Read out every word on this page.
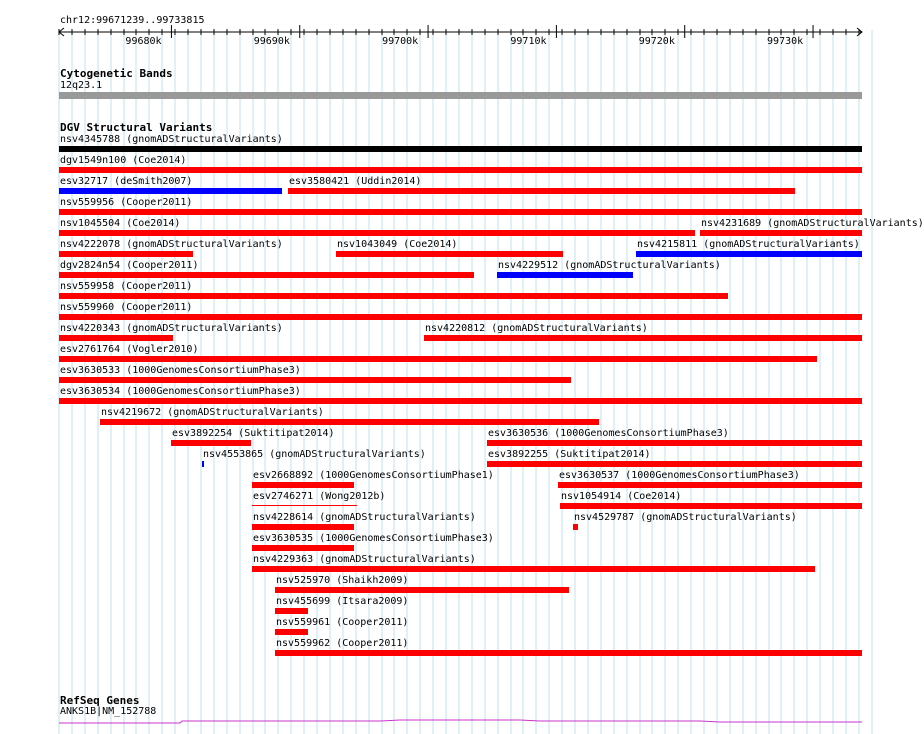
chr12:99671239..99733815
99680k	99690k	99700k	99710k	99720k	99730k
Cytogenetic Bands
12q23.1
DGV Structural Variants
nsv4345788 (gnomADStructuralVariants)
dgv1549n100 (Coe2014)
esv32717 (deSmith2007)	esv3580421 (Uddin2014)
nsv559956 (Cooper2011)
nsv1045504 (Coe2014)	nsv4231689 (gnomADStructuralVariants)
nsv4222078 (gnomADStructuralVariants)	nsv1043049 (Coe2014)	nsv4215811 (gnomADStructuralVariants)
dgv2824n54 (Cooper2011)	nsv4229512 (gnomADStructuralVariants)
nsv559958 (Cooper2011)
nsv559960 (Cooper2011)
nsv4220343 (gnomADStructuralVariants)	nsv4220812 (gnomADStructuralVariants)
esv2761764 (Vogler2010)
esv3630533 (1000GenomesConsortiumPhase3)
esv3630534 (1000GenomesConsortiumPhase3)
nsv4219672 (gnomADStructuralVariants)
esv3892254 (Suktitipat2014)	esv3630536 (1000GenomesConsortiumPhase3)
nsv4553865 (gnomADStructuralVariants)	esv3892255 (Suktitipat2014)
esv2668892 (1000GenomesConsortiumPhase1)	esv3630537 (1000GenomesConsortiumPhase3)
esv2746271 (Wong2012b)	nsv1054914 (Coe2014)
nsv4228614 (gnomADStructuralVariants)	nsv4529787 (gnomADStructuralVariants)
esv3630535 (1000GenomesConsortiumPhase3)
nsv4229363 (gnomADStructuralVariants)
nsv525970 (Shaikh2009)
nsv455699 (Itsara2009)
nsv559961 (Cooper2011)
nsv559962 (Cooper2011)
RefSeq Genes
ANKS1B|NM_152788
